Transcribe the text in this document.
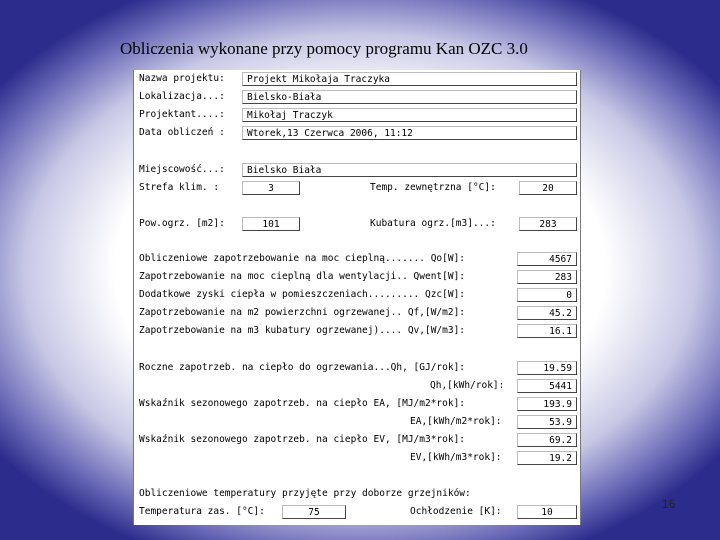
Obliczenia wykonane przy pomocy programu Kan OZC 3.0
Nazwa projektu:	Projekt Mikołaja Traczyka
Lokalizacja...:	Bielsko-Biała
Projektant....:	Mikołaj Traczyk
Data obliczeń :	Wtorek,13 Czerwca 2006, 11:12
Miejscowość...:	Bielsko Biała
Strefa klim. :	3	Temp. zewnętrzna [°C]:	20
Pow.ogrz. [m2]:	101	Kubatura ogrz.[m3]...:	283
Obliczeniowe zapotrzebowanie na moc cieplną....... Qo[W]:	4567
Zapotrzebowanie na moc cieplną dla wentylacji.. Qwent[W]:	283
Dodatkowe zyski ciepła w pomieszczeniach......... Qzc[W]:	0
Zapotrzebowanie na m2 powierzchni ogrzewanej.. Qf,[W/m2]:	45.2
Zapotrzebowanie na m3 kubatury ogrzewanej).... Qv,[W/m3]:	16.1
Roczne zapotrzeb. na ciepło do ogrzewania...Qh, [GJ/rok]:	19.59
Qh,[kWh/rok]:	5441
Wskaźnik sezonowego zapotrzeb. na ciepło EA, [MJ/m2*rok]:	193.9
EA,[kWh/m2*rok]:	53.9
Wskaźnik sezonowego zapotrzeb. na ciepło EV, [MJ/m3*rok]:	69.2
EV,[kWh/m3*rok]:	19.2
Obliczeniowe temperatury przyjęte przy doborze grzejników:
Temperatura zas. [°C]:	75	Ochłodzenie [K]:	10
16
